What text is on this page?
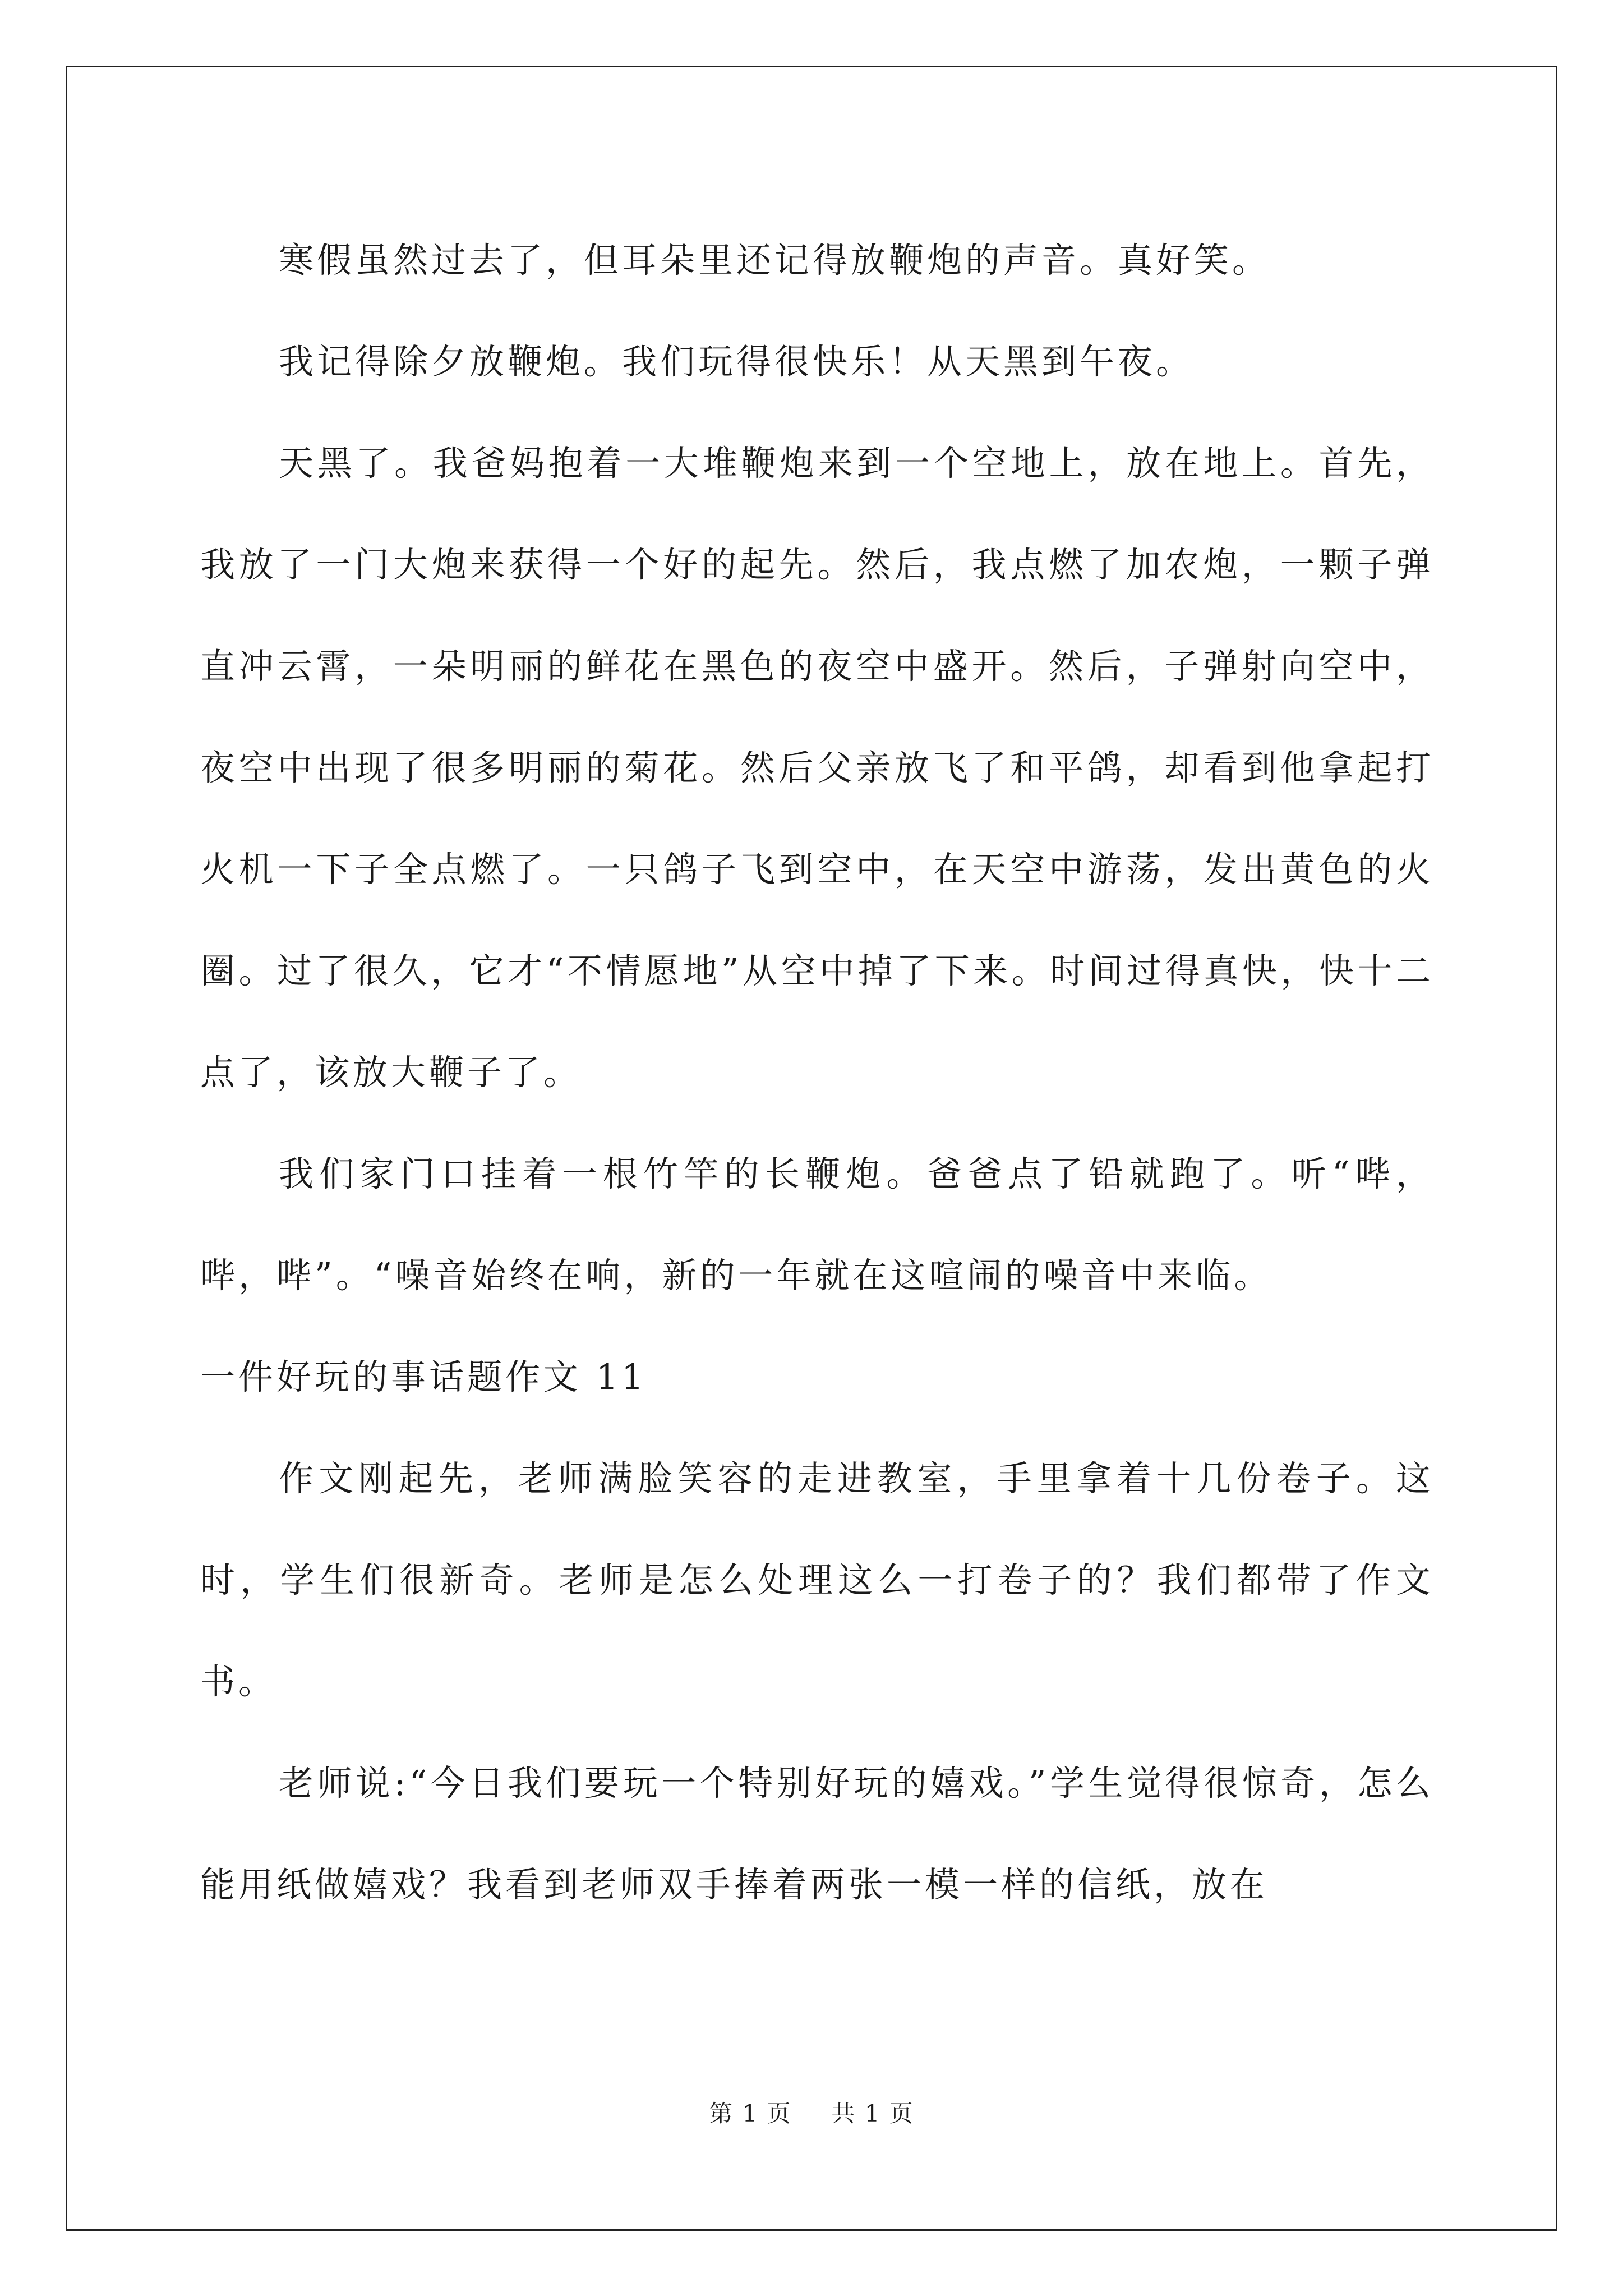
寒假虽然过去了，但耳朵里还记得放鞭炮的声音。真好笑。

我记得除夕放鞭炮。我们玩得很快乐！从天黑到午夜。

天黑了。我爸妈抱着一大堆鞭炮来到一个空地上，放在地上。首先，我放了一门大炮来获得一个好的起先。然后，我点燃了加农炮，一颗子弹直冲云霄，一朵明丽的鲜花在黑色的夜空中盛开。然后，子弹射向空中，夜空中出现了很多明丽的菊花。然后父亲放飞了和平鸽，却看到他拿起打火机一下子全点燃了。一只鸽子飞到空中，在天空中游荡，发出黄色的火圈。过了很久，它才“不情愿地”从空中掉了下来。时间过得真快，快十二点了，该放大鞭子了。

我们家门口挂着一根竹竿的长鞭炮。爸爸点了铅就跑了。听“哔，哔，哔”。“噪音始终在响，新的一年就在这喧闹的噪音中来临。

一件好玩的事话题作文 11

作文刚起先，老师满脸笑容的走进教室，手里拿着十几份卷子。这时，学生们很新奇。老师是怎么处理这么一打卷子的？我们都带了作文书。

老师说:“今日我们要玩一个特别好玩的嬉戏。”学生觉得很惊奇，怎么能用纸做嬉戏？我看到老师双手捧着两张一模一样的信纸，放在

第 1 页 共 1 页
